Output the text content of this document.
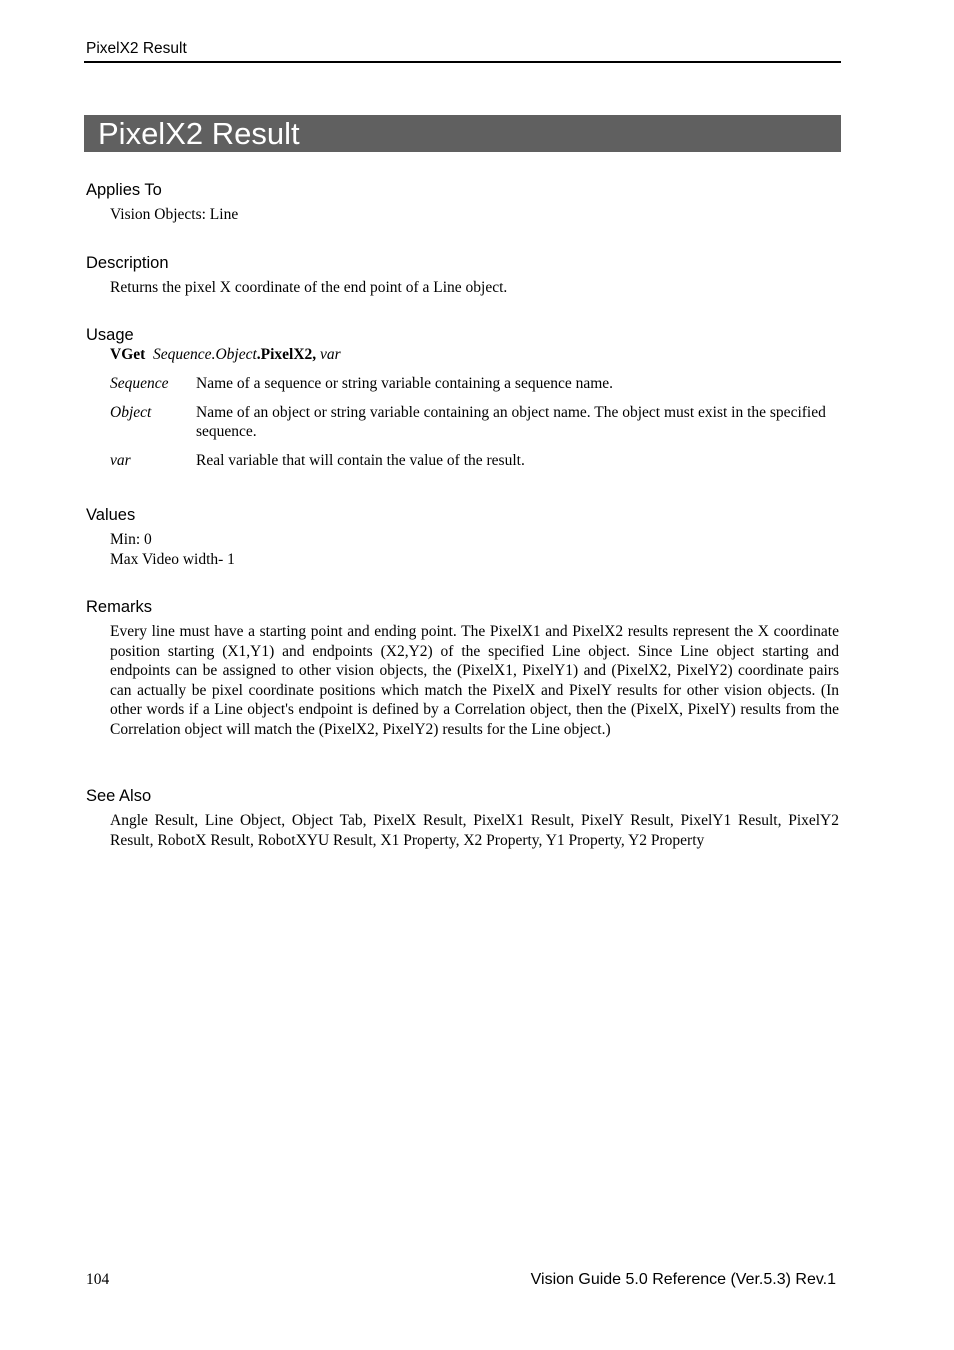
PixelX2 Result
PixelX2 Result
Applies To

Vision Objects: Line

Description

Returns the pixel X coordinate of the end point of a Line object.

Usage

VGet Sequence.Object.PixelX2, var

Sequence	Name of a sequence or string variable containing a sequence name.
Object	Name of an object or string variable containing an object name. The object must exist in the specified sequence.
var	Real variable that will contain the value of the result.
Values

Min: 0

Max Video width- 1

Remarks

Every line must have a starting point and ending point. The PixelX1 and PixelX2 results represent the X coordinate position starting (X1,Y1) and endpoints (X2,Y2) of the specified Line object. Since Line object starting and endpoints can be assigned to other vision objects, the (PixelX1, PixelY1) and (PixelX2, PixelY2) coordinate pairs can actually be pixel coordinate positions which match the PixelX and PixelY results for other vision objects. (In other words if a Line object's endpoint is defined by a Correlation object, then the (PixelX, PixelY) results from the Correlation object will match the (PixelX2, PixelY2) results for the Line object.)

See Also

Angle Result, Line Object, Object Tab, PixelX Result, PixelX1 Result, PixelY Result, PixelY1 Result, PixelY2 Result, RobotX Result, RobotXYU Result, X1 Property, X2 Property, Y1 Property, Y2 Property

104	Vision Guide 5.0 Reference (Ver.5.3) Rev.1
